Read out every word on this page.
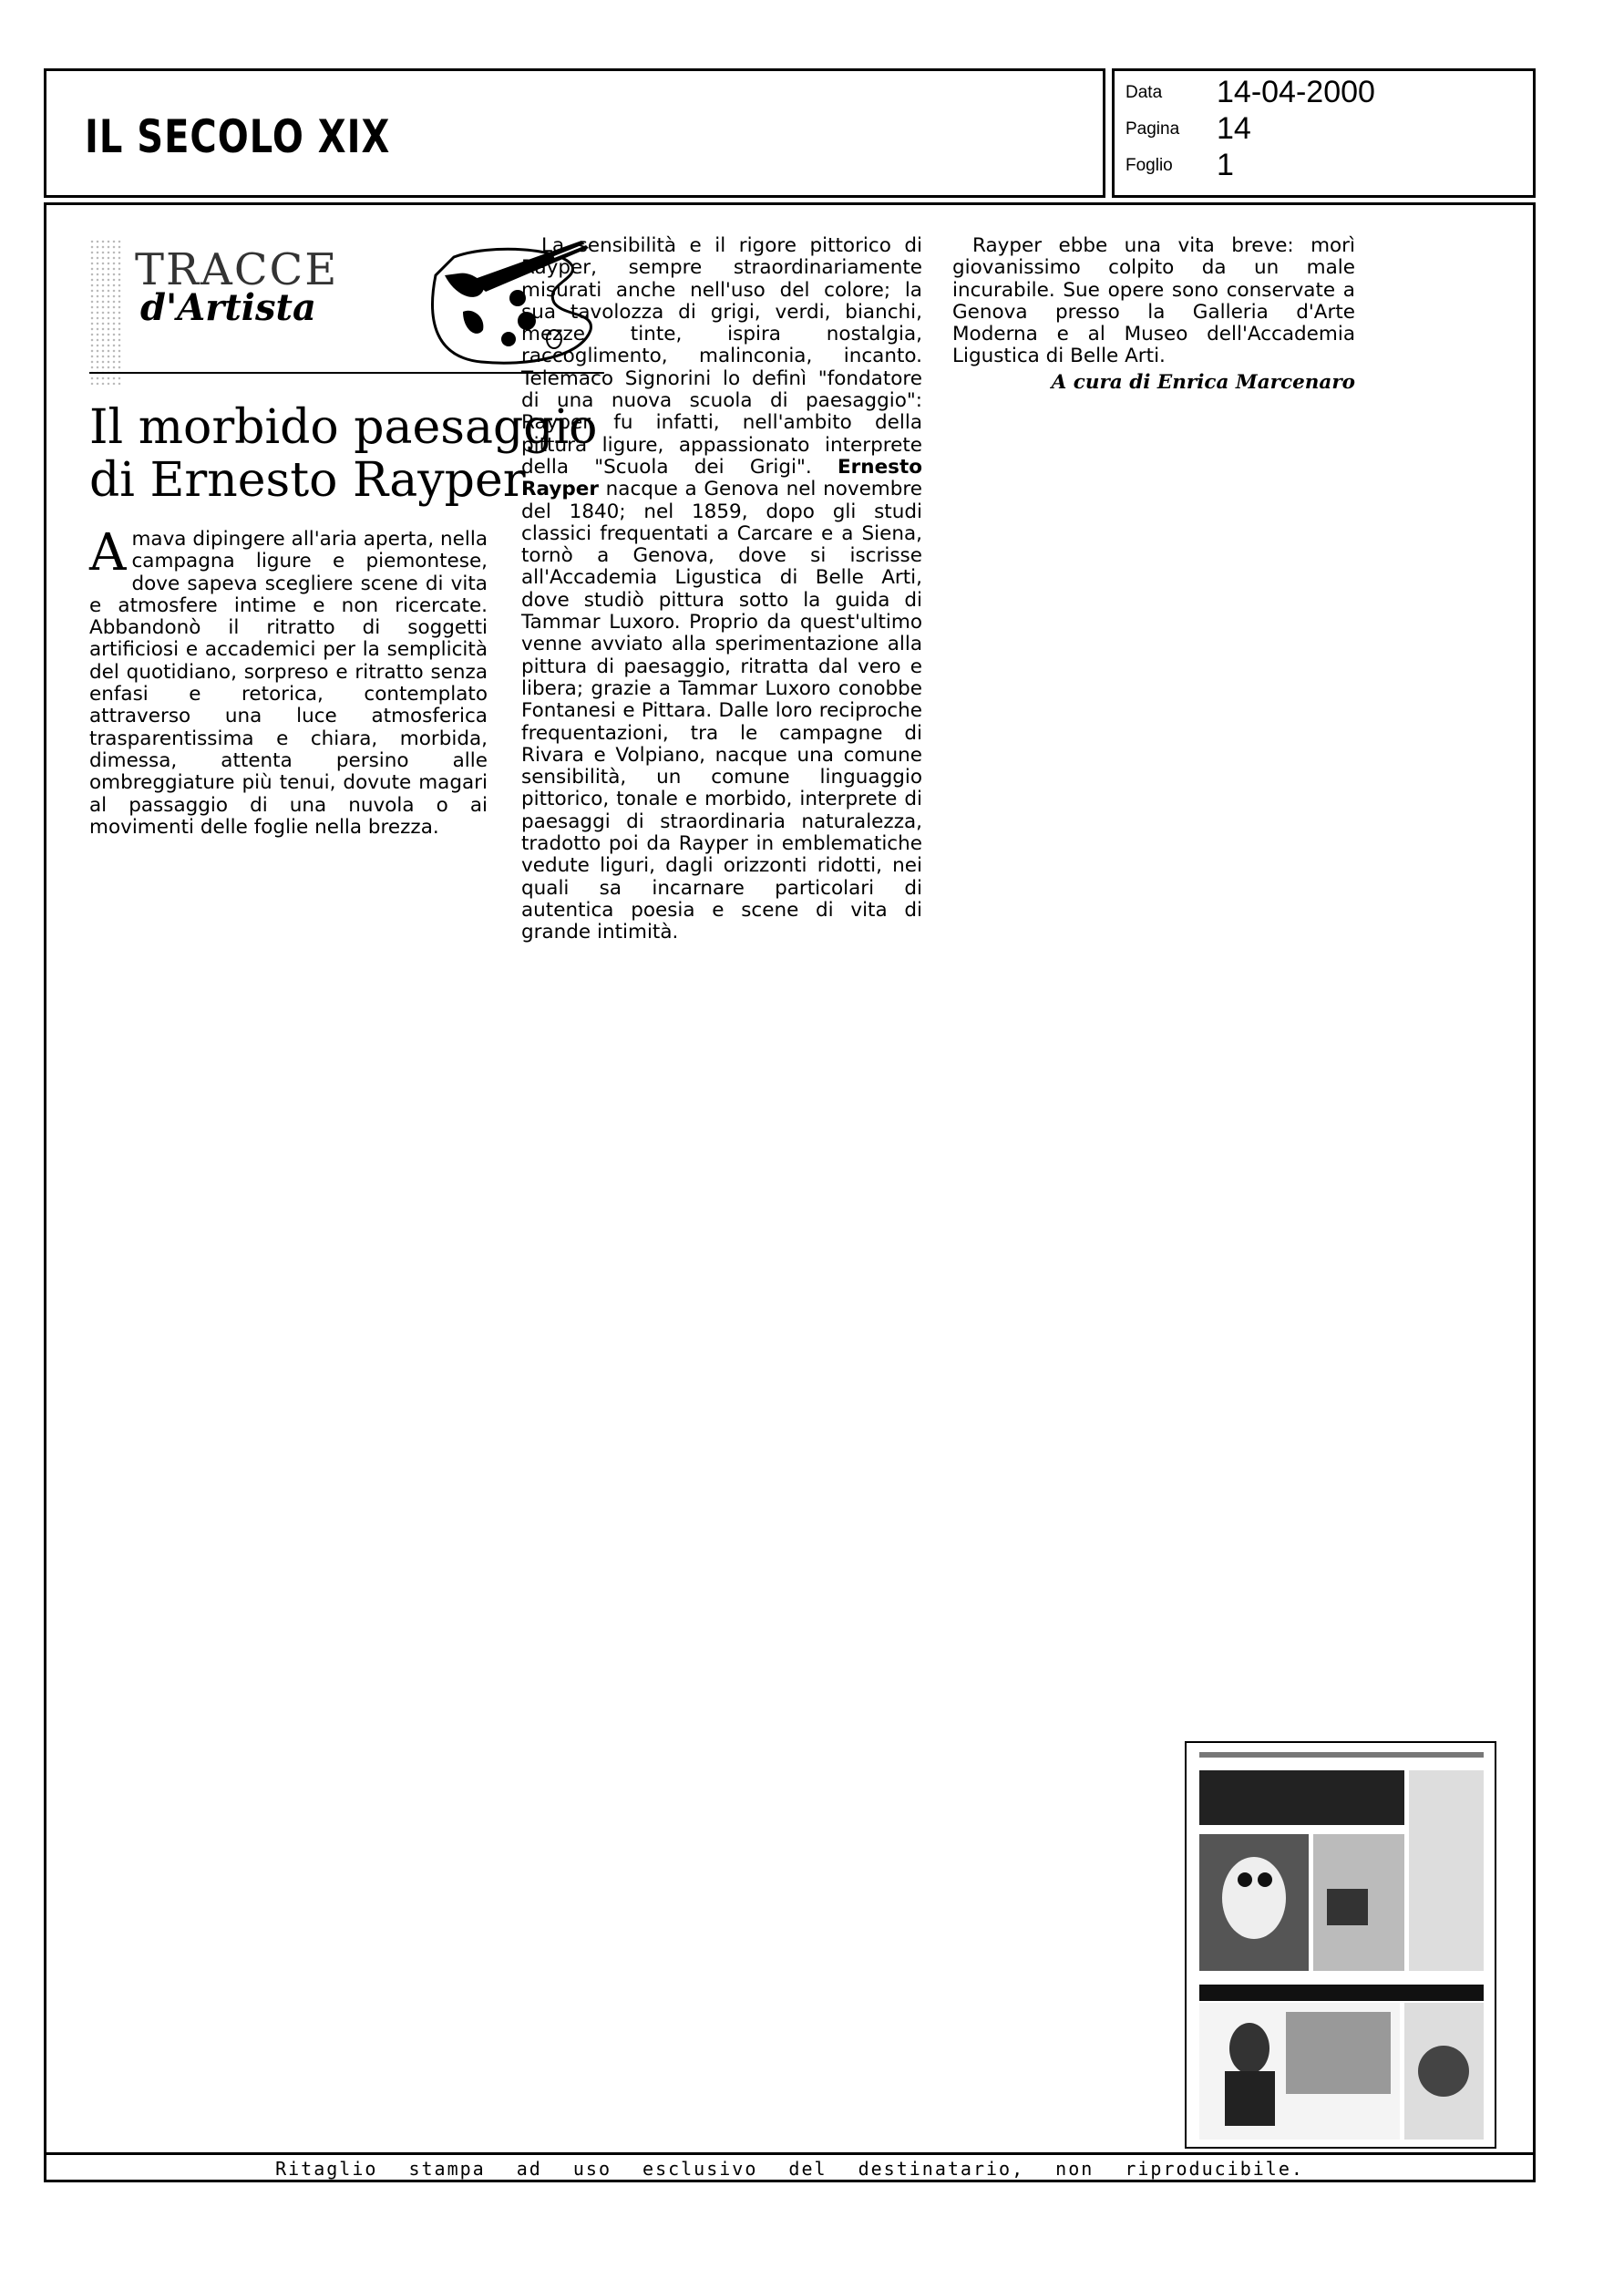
IL SECOLO XIX
Data 14-04-2000
Pagina 14
Foglio 1
TRACCE
d'Artista
Il morbido paesaggio
di Ernesto Rayper

Amava dipingere all'aria aperta, nella campagna ligure e piemontese, dove sapeva scegliere scene di vita e atmosfere intime e non ricercate. Abbandonò il ritratto di soggetti artificiosi e accademici per la semplicità del quotidiano, sorpreso e ritratto senza enfasi e retorica, contemplato attraverso una luce atmosferica trasparentissima e chiara, morbida, dimessa, attenta persino alle ombreggiature più tenui, dovute magari al passaggio di una nuvola o ai movimenti delle foglie nella brezza.

La sensibilità e il rigore pittorico di Rayper, sempre straordinariamente misurati anche nell'uso del colore; la sua tavolozza di grigi, verdi, bianchi, mezze tinte, ispira nostalgia, raccoglimento, malinconia, incanto. Telemaco Signorini lo definì "fondatore di una nuova scuola di paesaggio": Rayper fu infatti, nell'ambito della pittura ligure, appassionato interprete della "Scuola dei Grigi". Ernesto Rayper nacque a Genova nel novembre del 1840; nel 1859, dopo gli studi classici frequentati a Carcare e a Siena, tornò a Genova, dove si iscrisse all'Accademia Ligustica di Belle Arti, dove studiò pittura sotto la guida di Tammar Luxoro. Proprio da quest'ultimo venne avviato alla sperimentazione alla pittura di paesaggio, ritratta dal vero e libera; grazie a Tammar Luxoro conobbe Fontanesi e Pittara. Dalle loro reciproche frequentazioni, tra le campagne di Rivara e Volpiano, nacque una comune sensibilità, un comune linguaggio pittorico, tonale e morbido, interprete di paesaggi di straordinaria naturalezza, tradotto poi da Rayper in emblematiche vedute liguri, dagli orizzonti ridotti, nei quali sa incarnare particolari di autentica poesia e scene di vita di grande intimità.

Rayper ebbe una vita breve: morì giovanissimo colpito da un male incurabile. Sue opere sono conservate a Genova presso la Galleria d'Arte Moderna e al Museo dell'Accademia Ligustica di Belle Arti.

A cura di Enrica Marcenaro

Ritaglio stampa ad uso esclusivo del destinatario, non riproducibile.
